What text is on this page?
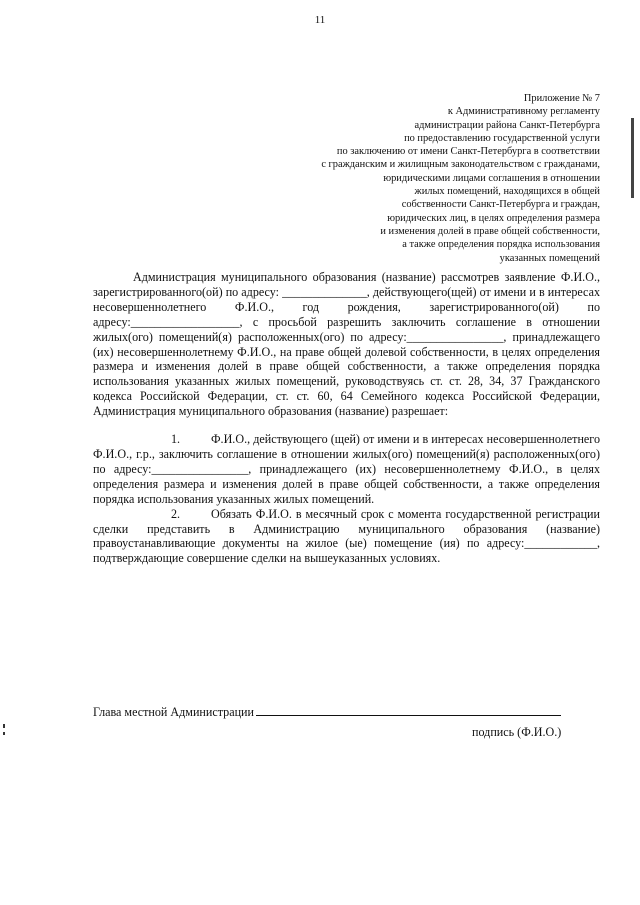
11
Приложение № 7
к Административному регламенту
администрации района Санкт-Петербурга
по предоставлению государственной услуги
по заключению от имени Санкт-Петербурга в соответствии
с гражданским и жилищным законодательством с гражданами,
юридическими лицами соглашения в отношении
жилых помещений, находящихся в общей
собственности Санкт-Петербурга и граждан,
юридических лиц, в целях определения размера
и изменения долей в праве общей собственности,
а также определения порядка использования
указанных помещений

Администрация муниципального образования (название) рассмотрев заявление Ф.И.О., зарегистрированного(ой) по адресу: ______________, действующего(щей) от имени и в интересах несовершеннолетнего Ф.И.О., год рождения, зарегистрированного(ой) по адресу:__________________, с просьбой разрешить заключить соглашение в отношении жилых(ого) помещений(я) расположенных(ого) по адресу:________________, принадлежащего (их) несовершеннолетнему Ф.И.О., на праве общей долевой собственности, в целях определения размера и изменения долей в праве общей собственности, а также определения порядка использования указанных жилых помещений, руководствуясь ст. ст. 28, 34, 37 Гражданского кодекса Российской Федерации, ст. ст. 60, 64 Семейного кодекса Российской Федерации, Администрация муниципального образования (название) разрешает:

1.	Ф.И.О., действующего (щей) от имени и в интересах несовершеннолетнего Ф.И.О., г.р., заключить соглашение в отношении жилых(ого) помещений(я) расположенных(ого) по адресу:________________, принадлежащего (их) несовершеннолетнему Ф.И.О., в целях определения размера и изменения долей в праве общей собственности, а также определения порядка использования указанных жилых помещений.

2.	Обязать Ф.И.О. в месячный срок с момента государственной регистрации сделки представить в Администрацию муниципального образования (название) правоустанавливающие документы на жилое (ые) помещение (ия) по адресу:____________, подтверждающие совершение сделки на вышеуказанных условиях.

Глава местной Администрации
подпись (Ф.И.О.)
